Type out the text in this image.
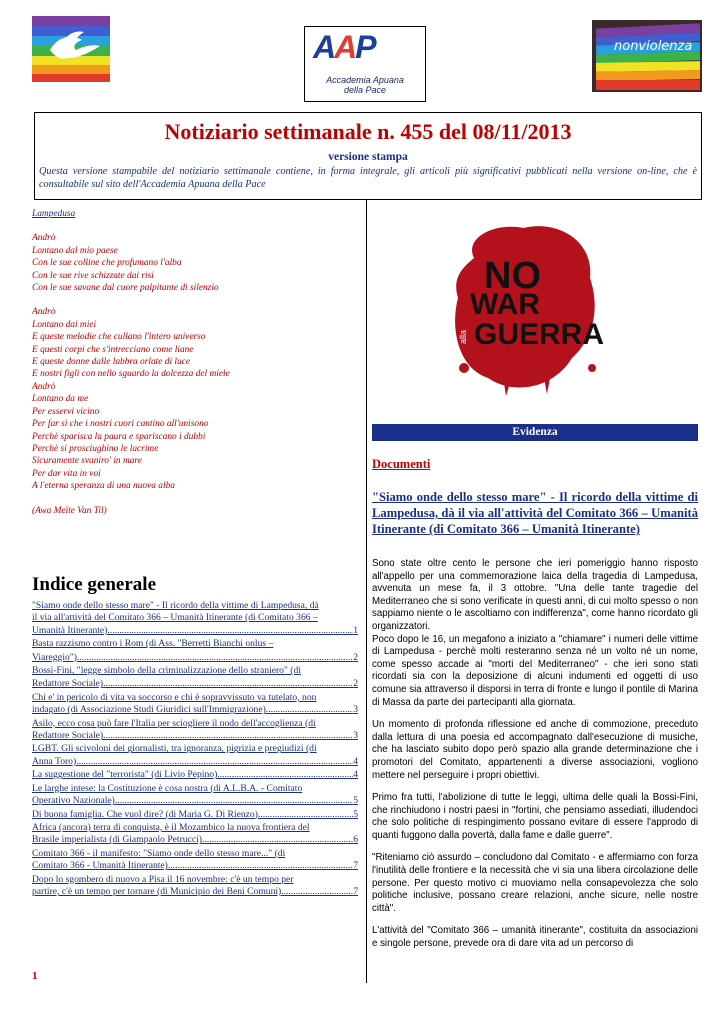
AAP
Accademia Apuana
della Pace
nonviolenza
Notiziario settimanale n. 455 del 08/11/2013
versione stampa
Questa versione stampabile del notiziario settimanale contiene, in forma integrale, gli articoli più significativi pubblicati nella versione on-line, che è consultabile sul sito dell'Accademia Apuana della Pace
Lampedusa
Andrò
Lontano dal mio paese
Con le sue colline che profumano l'alba
Con le sue rive schizzate dai risi
Con le sue savane dal cuore palpitante di silenzio
Andrò
Lontano dai miei
E queste melodie che cullano l'intero universo
E questi corpi che s'intrecciano come liane
E queste donne dalle labbra orlate di luce
E nostri figli con nello sguardo la dolcezza del miele
Andrò
Lontano da me
Per esservi vicino
Per far sì che i nostri cuori cantino all'unisono
Perchè sparisca la paura e spariscano i dubbi
Perchè si prosciughino le lacrime
Sicuramente svaniro' in mare
Per dar vita in voi
A l'eterna speranza di una nuova alba
(Awa Meïte Van Til)
Indice generale
"Siamo onde dello stesso mare" - Il ricordo della vittime di Lampedusa, dà
il via all'attività del Comitato 366 – Umanità Itinerante (di Comitato 366 –
Umanità Itinerante) .....	1
Basta razzismo contro i Rom (di Ass. "Berretti Bianchi onlus –
Viareggio") .....	2
Bossi-Fini, "legge simbolo della criminalizzazione dello straniero" (di
Redattore Sociale) .....	2
Chi e' in pericolo di vita va soccorso e chi è sopravvissuto va tutelato, non
indagato (di Associazione Studi Giuridici sull'Immigrazione) .....	3
Asilo, ecco cosa può fare l'Italia per sciogliere il nodo dell'accoglienza (di
Redattore Sociale) .....	3
LGBT. Gli scivoloni dei giornalisti, tra ignoranza, pigrizia e pregiudizi (di
Anna Toro) .....	4
La suggestione del "terrorista" (di Livio Pepino) .....	4
Le larghe intese: la Costituzione è cosa nostra (di A.L.B.A. - Comitato
Operativo Nazionale) .....	5
Di buona famiglia. Che vuol dire? (di Maria G. Di Rienzo) .....	5
Africa (ancora) terra di conquista, è il Mozambico la nuova frontiera del
Brasile imperialista (di Giampaolo Petrucci) .....	6
Comitato 366 - il manifesto: "Siamo onde dello stesso mare..." (di
Comitato 366 - Umanità Itinerante) .....	7
Dopo lo sgombero di nuovo a Pisa il 16 novembre: c'è un tempo per
partire, c'è un tempo per tornare (di Municipio dei Beni Comuni) .....	7
1
NO
WAR
alla GUERRA
Evidenza
Documenti
"Siamo onde dello stesso mare" - Il ricordo della vittime di Lampedusa, dà il via all'attività del Comitato 366 – Umanità Itinerante (di Comitato 366 – Umanità Itinerante)

Sono state oltre cento le persone che ieri pomeriggio hanno risposto all'appello per una commemorazione laica della tragedia di Lampedusa, avvenuta un mese fa, il 3 ottobre. "Una delle tante tragedie del Mediterraneo che si sono verificate in questi anni, di cui molto spesso o non sappiamo niente o le ascoltiamo con indifferenza", come hanno ricordato gli organizzatori.

Poco dopo le 16, un megafono a iniziato a "chiamare" i numeri delle vittime di Lampedusa - perchè molti resteranno senza né un volto né un nome, come spesso accade ai "morti del Mediterraneo" - che ieri sono stati ricordati sia con la deposizione di alcuni indumenti ed oggetti di uso comune sia attraverso il disporsi in terra di fronte e lungo il pontile di Marina di Massa da parte dei partecipanti alla giornata.

Un momento di profonda riflessione ed anche di commozione, preceduto dalla lettura di una poesia ed accompagnato dall'esecuzione di musiche, che ha lasciato subito dopo però spazio alla grande determinazione che i promotori del Comitato, appartenenti a diverse associazioni, vogliono mettere nel perseguire i propri obiettivi.

Primo fra tutti, l'abolizione di tutte le leggi, ultima delle quali la Bossi-Fini, che rinchiudono i nostri paesi in "fortini, che pensiamo assediati, illudendoci che solo politiche di respingimento possano evitare di essere l'approdo di quanti fuggono dalla povertà, dalla fame e dalle guerre".

"Riteniamo ciò assurdo – concludono dal Comitato - e affermiamo con forza l'inutilità delle frontiere e la necessità che vi sia una libera circolazione delle persone. Per questo motivo ci muoviamo nella consapevolezza che solo politiche inclusive, possano creare relazioni, anche sicure, nelle nostre città".

L'attività del "Comitato 366 – umanità itinerante", costituita da associazioni e singole persone, prevede ora di dare vita ad un percorso di
